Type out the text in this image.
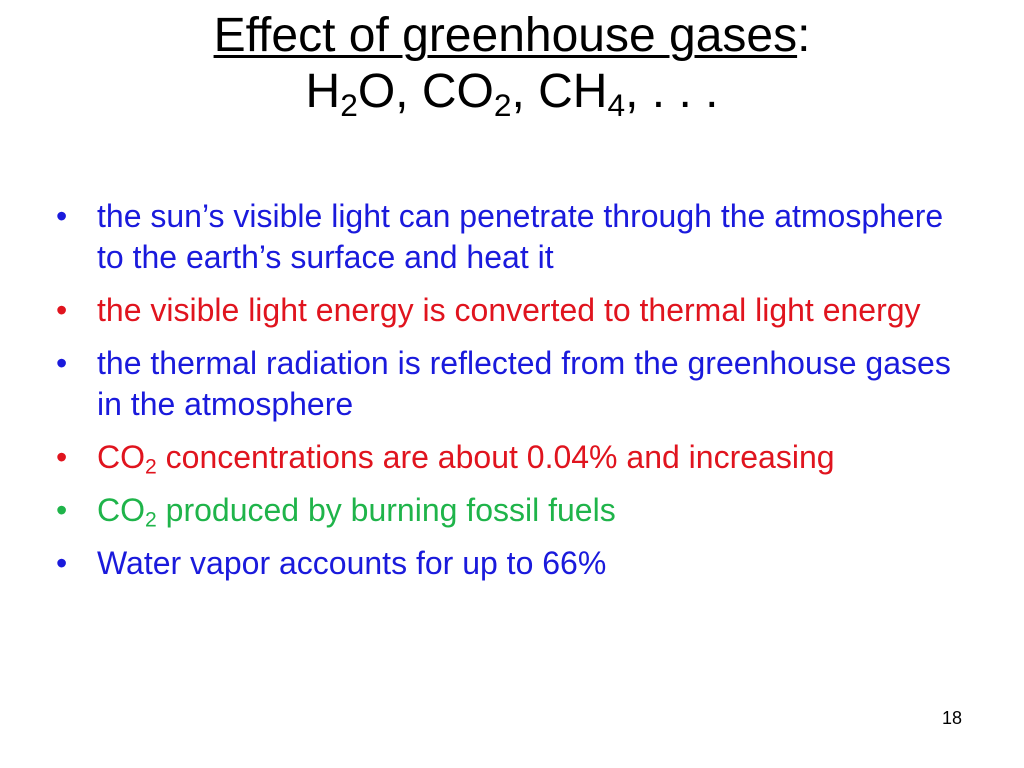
Effect of greenhouse gases:
$H_2O$, $CO_2$, $CH_4$, . . .
• the sun’s visible light can penetrate through the atmosphere to the earth’s surface and heat it
• the visible light energy is converted to thermal light energy
• the thermal radiation is reflected from the greenhouse gases in the atmosphere
• CO2 concentrations are about 0.04% and increasing
• CO2 produced by burning fossil fuels
• Water vapor accounts for up to 66%
18
